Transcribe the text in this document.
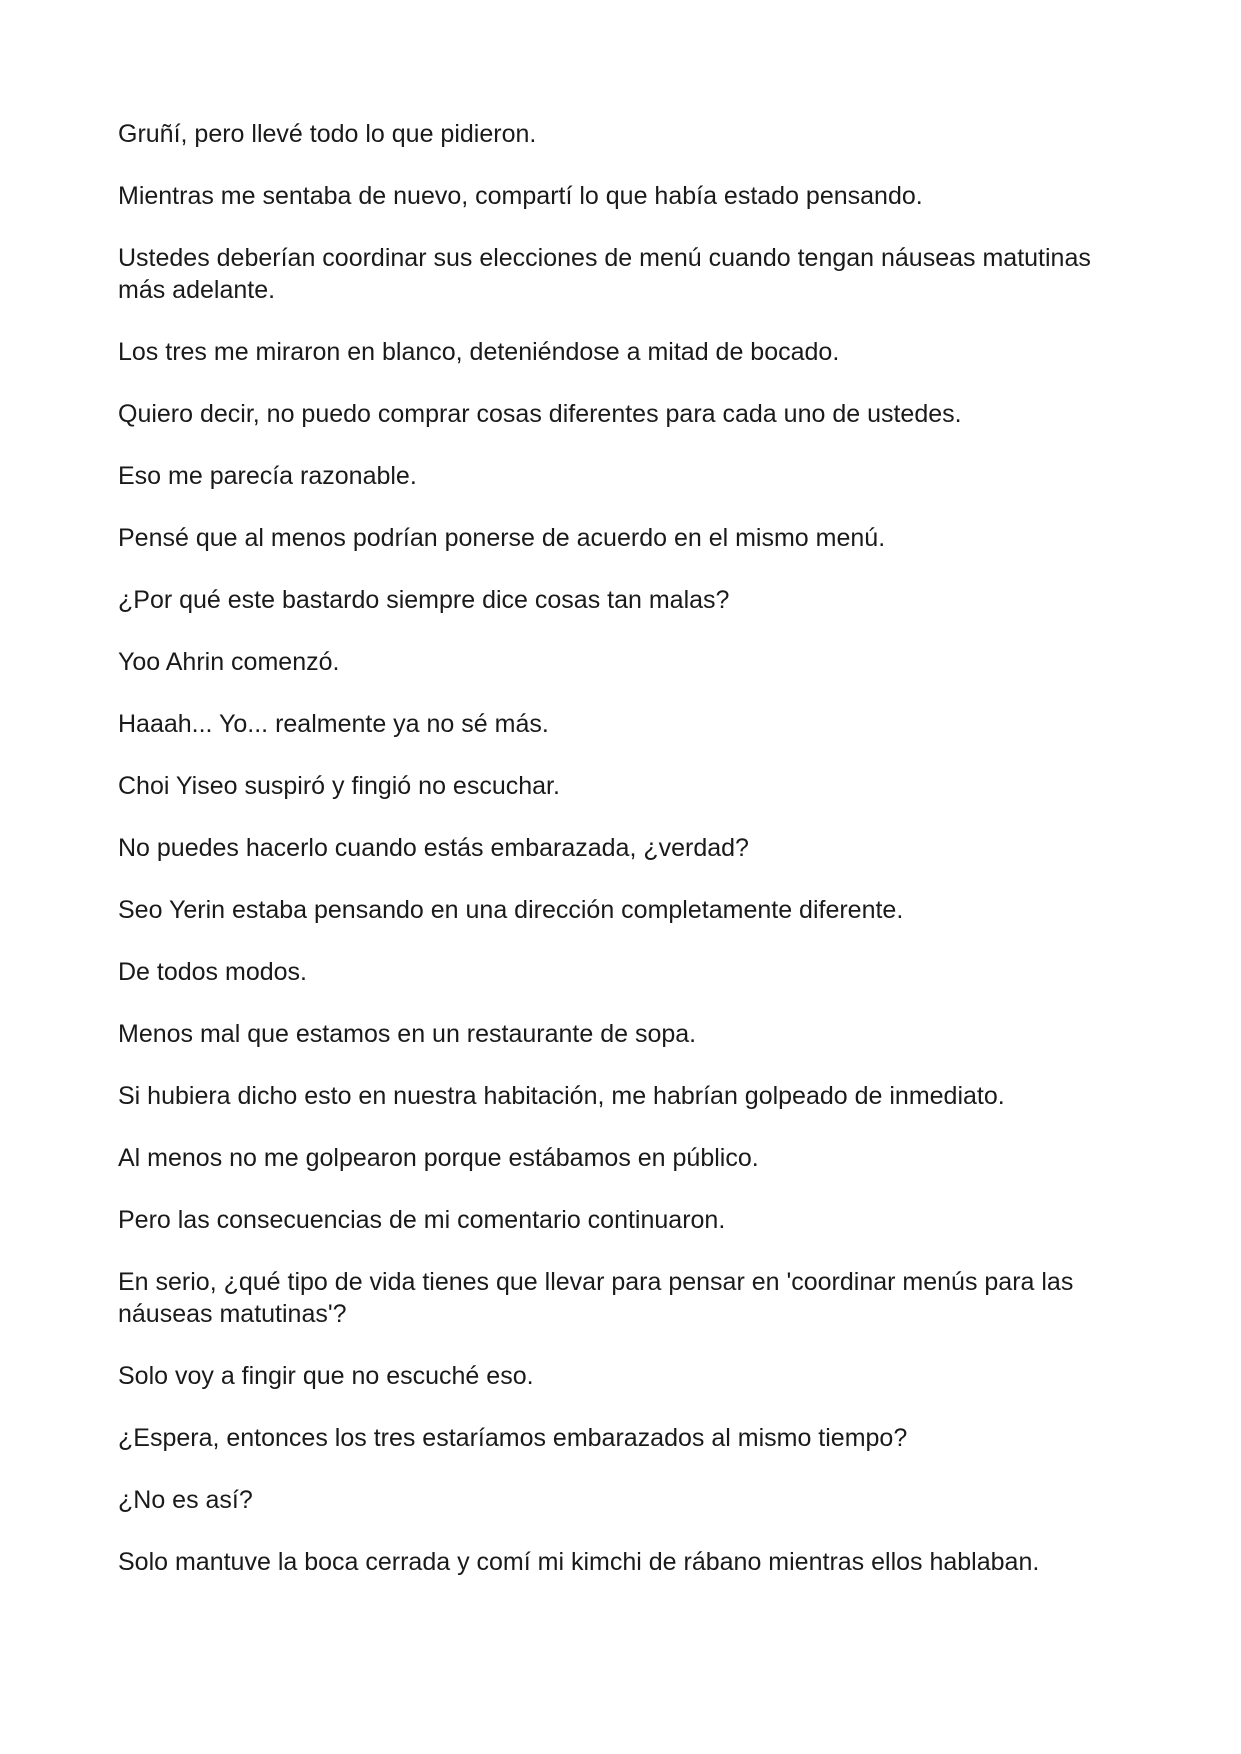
Gruñí, pero llevé todo lo que pidieron.

Mientras me sentaba de nuevo, compartí lo que había estado pensando.

Ustedes deberían coordinar sus elecciones de menú cuando tengan náuseas matutinas más adelante.

Los tres me miraron en blanco, deteniéndose a mitad de bocado.

Quiero decir, no puedo comprar cosas diferentes para cada uno de ustedes.

Eso me parecía razonable.

Pensé que al menos podrían ponerse de acuerdo en el mismo menú.

¿Por qué este bastardo siempre dice cosas tan malas?

Yoo Ahrin comenzó.

Haaah... Yo... realmente ya no sé más.

Choi Yiseo suspiró y fingió no escuchar.

No puedes hacerlo cuando estás embarazada, ¿verdad?

Seo Yerin estaba pensando en una dirección completamente diferente.

De todos modos.

Menos mal que estamos en un restaurante de sopa.

Si hubiera dicho esto en nuestra habitación, me habrían golpeado de inmediato.

Al menos no me golpearon porque estábamos en público.

Pero las consecuencias de mi comentario continuaron.

En serio, ¿qué tipo de vida tienes que llevar para pensar en 'coordinar menús para las náuseas matutinas'?

Solo voy a fingir que no escuché eso.

¿Espera, entonces los tres estaríamos embarazados al mismo tiempo?

¿No es así?

Solo mantuve la boca cerrada y comí mi kimchi de rábano mientras ellos hablaban.
